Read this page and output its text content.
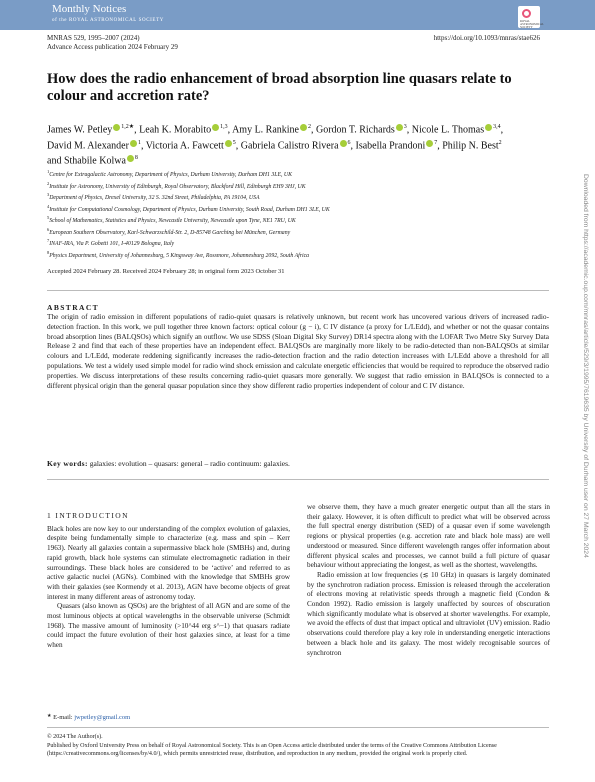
Monthly Notices
of the ROYAL ASTRONOMICAL SOCIETY	ROYAL ASTRONOMICAL SOCIETY
MNRAS 529, 1995–2007 (2024)
Advance Access publication 2024 February 29
https://doi.org/10.1093/mnras/stae626
How does the radio enhancement of broad absorption line quasars relate to colour and accretion rate?
James W. Petley $^{1,2★}$, Leah K. Morabito $^{1,3}$, Amy L. Rankine $^2$, Gordon T. Richards $^3$, Nicole L. Thomas $^{3,4}$, David M. Alexander $^1$, Victoria A. Fawcett $^5$, Gabriela Calistro Rivera $^6$, Isabella Prandoni $^7$, Philip N. Best$^2$ and Sthabile Kolwa $^8$
$^1$Centre for Extragalactic Astronomy, Department of Physics, Durham University, Durham DH1 3LE, UK
$^2$Institute for Astronomy, University of Edinburgh, Royal Observatory, Blackford Hill, Edinburgh EH9 3HJ, UK
$^3$Department of Physics, Drexel University, 32 S. 32nd Street, Philadelphia, PA 19104, USA
$^4$Institute for Computational Cosmology, Department of Physics, Durham University, South Road, Durham DH1 3LE, UK
$^5$School of Mathematics, Statistics and Physics, Newcastle University, Newcastle upon Tyne, NE1 7RU, UK
$^6$European Southern Observatory, Karl-Schwarzschild-Str. 2, D-85748 Garching bei München, Germany
$^7$INAF-IRA, Via P. Gobetti 101, I-40129 Bologna, Italy
$^8$Physics Department, University of Johannesburg, 5 Kingsway Ave, Rossmore, Johannesburg 2092, South Africa
Accepted 2024 February 28. Received 2024 February 28; in original form 2023 October 31
ABSTRACT
The origin of radio emission in different populations of radio-quiet quasars is relatively unknown, but recent work has uncovered various drivers of increased radio-detection fraction. In this work, we pull together three known factors: optical colour (g − i), C IV distance (a proxy for L/LEdd), and whether or not the quasar contains broad absorption lines (BALQSOs) which signify an outflow. We use SDSS (Sloan Digital Sky Survey) DR14 spectra along with the LOFAR Two Metre Sky Survey Data Release 2 and find that each of these properties have an independent effect. BALQSOs are marginally more likely to be radio-detected than non-BALQSOs at similar colours and L/LEdd, moderate reddening significantly increases the radio-detection fraction and the radio detection increases with L/LEdd above a threshold for all populations. We test a widely used simple model for radio wind shock emission and calculate energetic efficiencies that would be required to reproduce the observed radio properties. We discuss interpretations of these results concerning radio-quiet quasars more generally. We suggest that radio emission in BALQSOs is connected to a different physical origin than the general quasar population since they show different radio properties independent of colour and C IV distance.
Key words: galaxies: evolution – quasars: general – radio continuum: galaxies.
1 INTRODUCTION

Black holes are now key to our understanding of the complex evolution of galaxies, despite being fundamentally simple to characterize (e.g. mass and spin – Kerr 1963). Nearly all galaxies contain a supermassive black hole (SMBHs) and, during rapid growth, black hole systems can stimulate electromagnetic radiation in their surroundings. These black holes are considered to be ‘active’ and referred to as active galactic nuclei (AGNs). Combined with the knowledge that SMBHs grow with their galaxies (see Kormendy et al. 2013), AGN have become objects of great interest in many different areas of astronomy today.

Quasars (also known as QSOs) are the brightest of all AGN and are some of the most luminous objects at optical wavelengths in the observable universe (Schmidt 1968). The massive amount of luminosity (>10^44 erg s^−1) that quasars radiate could impact the future evolution of their host galaxies since, at least for a time when

we observe them, they have a much greater energetic output than all the stars in their galaxy. However, it is often difficult to predict what will be observed across the full spectral energy distribution (SED) of a quasar even if some wavelength regions or physical properties (e.g. accretion rate and black hole mass) are well understood or measured. Since different wavelength ranges offer information about different physical scales and processes, we cannot build a full picture of quasar behaviour without appreciating the longest, as well as the shortest, wavelengths.

Radio emission at low frequencies (≲ 10 GHz) in quasars is largely dominated by the synchrotron radiation process. Emission is released through the acceleration of electrons moving at relativistic speeds through a magnetic field (Condon & Condon 1992). Radio emission is largely unaffected by sources of obscuration which significantly modulate what is observed at shorter wavelengths. For example, we avoid the effects of dust that impact optical and ultraviolet (UV) emission. Radio observations could therefore play a key role in understanding energetic interactions between a black hole and its galaxy. The most widely recognisable sources of synchrotron

★ E-mail: jwpetley@gmail.com
© 2024 The Author(s).
Published by Oxford University Press on behalf of Royal Astronomical Society. This is an Open Access article distributed under the terms of the Creative Commons Attribution License (https://creativecommons.org/licenses/by/4.0/), which permits unrestricted reuse, distribution, and reproduction in any medium, provided the original work is properly cited.
Downloaded from https://academic.oup.com/mnras/article/529/3/1995/7619635 by University of Durham user on 27 March 2024
